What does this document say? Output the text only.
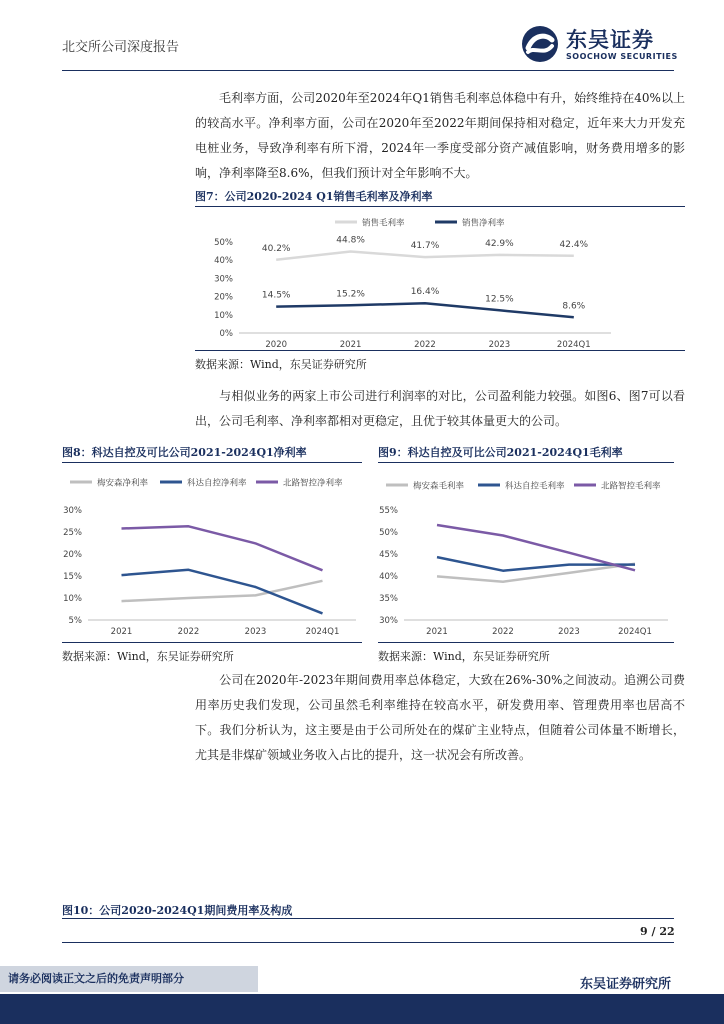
北交所公司深度报告	东吴证券
SOOCHOW SECURITIES

毛利率方面，公司2020年至2024年Q1销售毛利率总体稳中有升，始终维持在40%以上的较高水平。净利率方面，公司在2020年至2022年期间保持相对稳定，近年来大力开发充电桩业务，导致净利率有所下滑，2024年一季度受部分资产减值影响，财务费用增多的影响，净利率降至8.6%，但我们预计对全年影响不大。

图7：公司2020-2024 Q1销售毛利率及净利率
销售毛利率	销售净利率
0%
10%
20%
30%
40%
50%
2020	2021	2022	2023	2024Q1
40.2%
44.8%
41.7%	42.9%	42.4%
14.5%	15.2%	16.4%
12.5%
8.6%
数据来源：Wind，东吴证券研究所

与相似业务的两家上市公司进行利润率的对比，公司盈利能力较强。如图6、图7可以看出，公司毛利率、净利率都相对更稳定，且优于较其体量更大的公司。

图8：科达自控及可比公司2021-2024Q1净利率
梅安森净利率	科达自控净利率	北路智控净利率
5%
10%
15%
20%
25%
30%
2021	2022	2023	2024Q1
数据来源：Wind，东吴证券研究所
图9：科达自控及可比公司2021-2024Q1毛利率
梅安森毛利率	科达自控毛利率	北路智控毛利率
30%
35%
40%
45%
50%
55%
2021	2022	2023	2024Q1
数据来源：Wind，东吴证券研究所

公司在2020年-2023年期间费用率总体稳定，大致在26%-30%之间波动。追溯公司费用率历史我们发现，公司虽然毛利率维持在较高水平，研发费用率、管理费用率也居高不下。我们分析认为，这主要是由于公司所处在的煤矿主业特点，但随着公司体量不断增长，尤其是非煤矿领域业务收入占比的提升，这一状况会有所改善。

图10：公司2020-2024Q1期间费用率及构成
9 / 22
请务必阅读正文之后的免责声明部分	东吴证券研究所
